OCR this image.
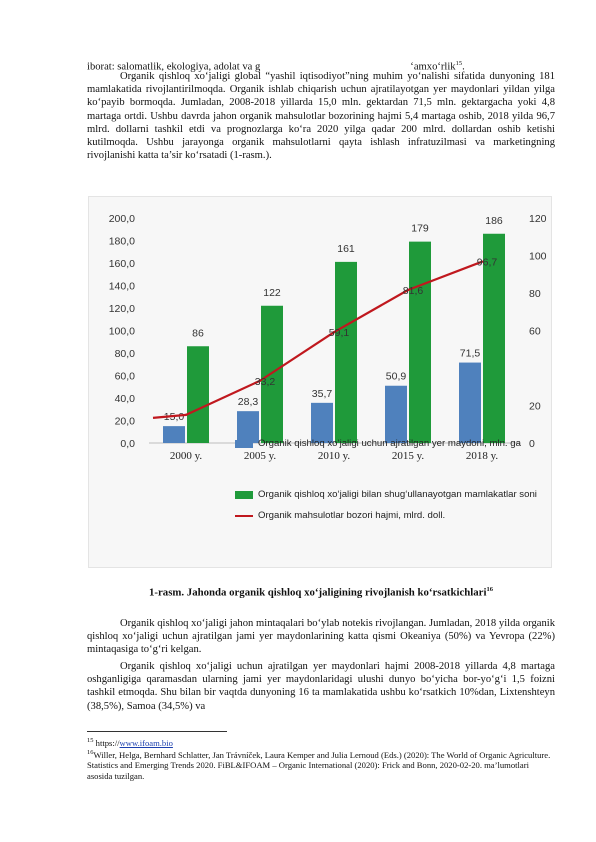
iborat: salomatlik, ekologiya, adolat va g	‘amxo‘rlik$^{15}$.

Organik qishloq xo‘jaligi global “yashil iqtisodiyot”ning muhim yo‘nalishi sifatida dunyoning 181 mamlakatida rivojlantirilmoqda. Organik ishlab chiqarish uchun ajratilayotgan yer maydonlari yildan yilga ko‘payib bormoqda. Jumladan, 2008-2018 yillarda 15,0 mln. gektardan 71,5 mln. gektargacha yoki 4,8 martaga ortdi. Ushbu davrda jahon organik mahsulotlar bozorining hajmi 5,4 martaga oshib, 2018 yilda 96,7 mlrd. dollarni tashkil etdi va prognozlarga ko‘ra 2020 yilga qadar 200 mlrd. dollardan oshib ketishi kutilmoqda. Ushbu jarayonga organik mahsulotlarni qayta ishlash infratuzilmasi va marketingning rivojlanishi katta ta’sir ko‘rsatadi (1-rasm.).

0,0
20,0
40,0
60,0
80,0
100,0
120,0
140,0
160,0
180,0
200,0
0
20
60
80
100
120
15,0
86
2000 y.
28,3
122
2005 y.
35,7
161
2010 y.
50,9
179
2015 y.
71,5
186
2018 y.
33,2
59,1
81,6
96,7
Organik qishloq xo‘jaligi uchun ajratilgan yer maydoni, mln. ga
Organik qishloq xo‘jaligi bilan shug‘ullanayotgan mamlakatlar soni
Organik mahsulotlar bozori hajmi, mlrd. doll.
1-rasm. Jahonda organik qishloq xo‘jaligining rivojlanish ko‘rsatkichlari$^{16}$

Organik qishloq xo‘jaligi jahon mintaqalari bo‘ylab notekis rivojlangan. Jumladan, 2018 yilda organik qishloq xo‘jaligi uchun ajratilgan jami yer maydonlarining katta qismi Okeaniya (50%) va Yevropa (22%) mintaqasiga to‘g‘ri kelgan.

Organik qishloq xo‘jaligi uchun ajratilgan yer maydonlari hajmi 2008-2018 yillarda 4,8 martaga oshganligiga qaramasdan ularning jami yer maydonlaridagi ulushi dunyo bo‘yicha bor-yo‘g‘i 1,5 foizni tashkil etmoqda. Shu bilan bir vaqtda dunyoning 16 ta mamlakatida ushbu ko‘rsatkich 10%dan, Lixtenshteyn (38,5%), Samoa (34,5%) va

$^{15}$ https://www.ifoam.bio

$^{16}$Willer, Helga, Bernhard Schlatter, Jan Trávníček, Laura Kemper and Julia Lernoud (Eds.) (2020): The World of Organic Agriculture. Statistics and Emerging Trends 2020. FiBL&IFOAM – Organic International (2020): Frick and Bonn, 2020-02-20. ma’lumotlari asosida tuzilgan.
